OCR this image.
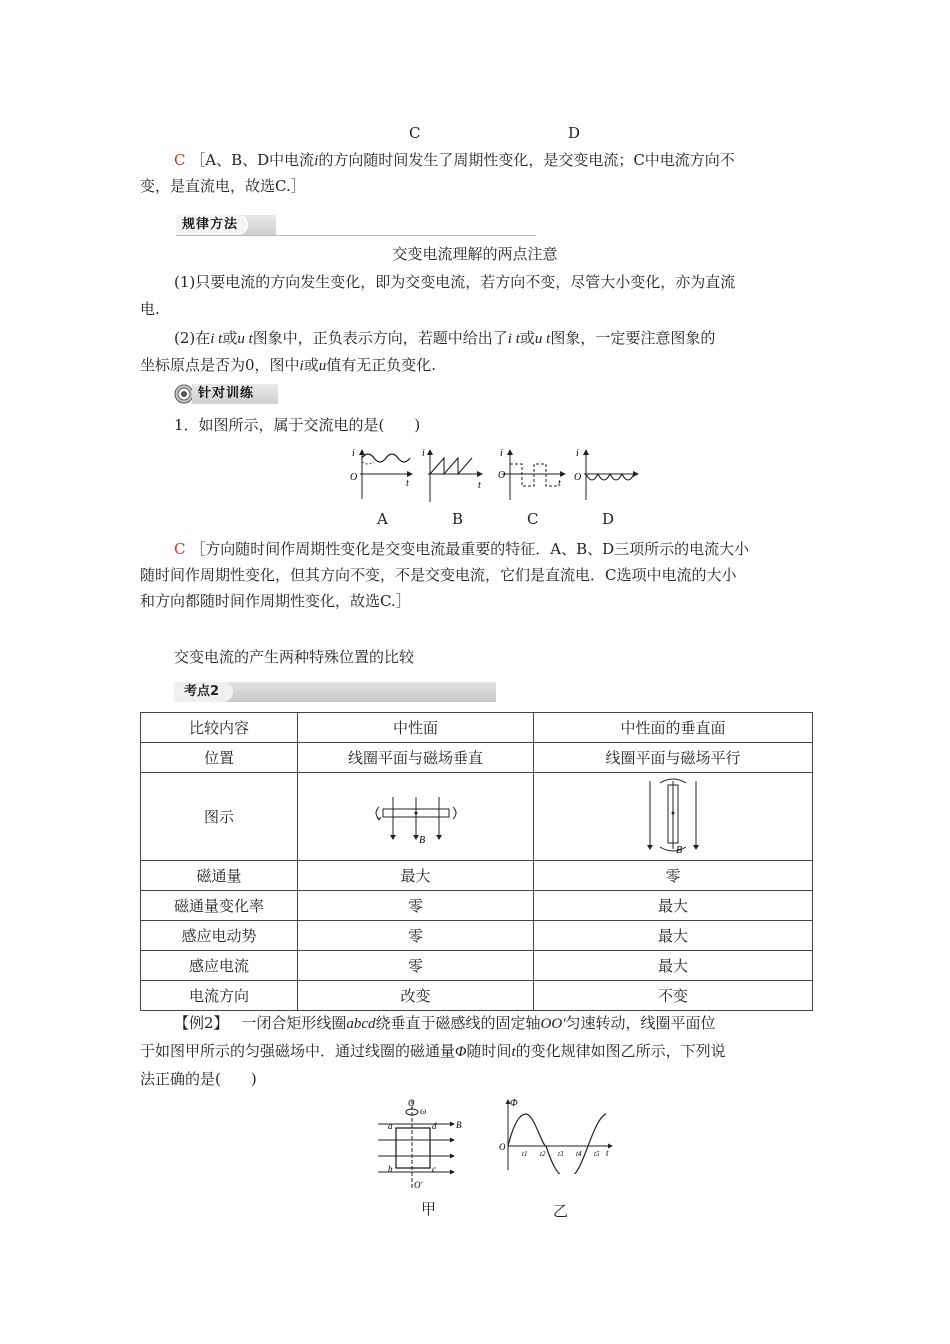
C	D
C ［A、B、D中电流i的方向随时间发生了周期性变化，是交变电流；C中电流方向不
变，是直流电，故选C.］
规律方法
交变电流理解的两点注意
(1)只要电流的方向发生变化，即为交变电流，若方向不变，尽管大小变化，亦为直流
电.
(2)在i t或u t图象中，正负表示方向，若题中给出了i t或u t图象，一定要注意图象的
坐标原点是否为0，图中i或u值有无正负变化.
针对训练
1．如图所示，属于交流电的是(　　)
i
O
t
i
t
i
O
t
i
O
A	B	C	D
C ［方向随时间作周期性变化是交变电流最重要的特征．A、B、D三项所示的电流大小
随时间作周期性变化，但其方向不变，不是交变电流，它们是直流电．C选项中电流的大小
和方向都随时间作周期性变化，故选C.］
交变电流的产生两种特殊位置的比较
考点2
比较内容	中性面	中性面的垂直面
位置	线圈平面与磁场垂直	线圈平面与磁场平行
图示	B	B

磁通量	最大	零
磁通量变化率	零	最大
感应电动势	零	最大
感应电流	零	最大
电流方向	改变	不变
【例2】 一闭合矩形线圈abcd绕垂直于磁感线的固定轴OO′匀速转动，线圈平面位
于如图甲所示的匀强磁场中．通过线圈的磁通量Φ随时间t的变化规律如图乙所示，下列说
法正确的是(　　)
O
ω
a	d B
b	c
O′
甲
Φ
O
t1 t2 t3 t4 t5 t
乙
